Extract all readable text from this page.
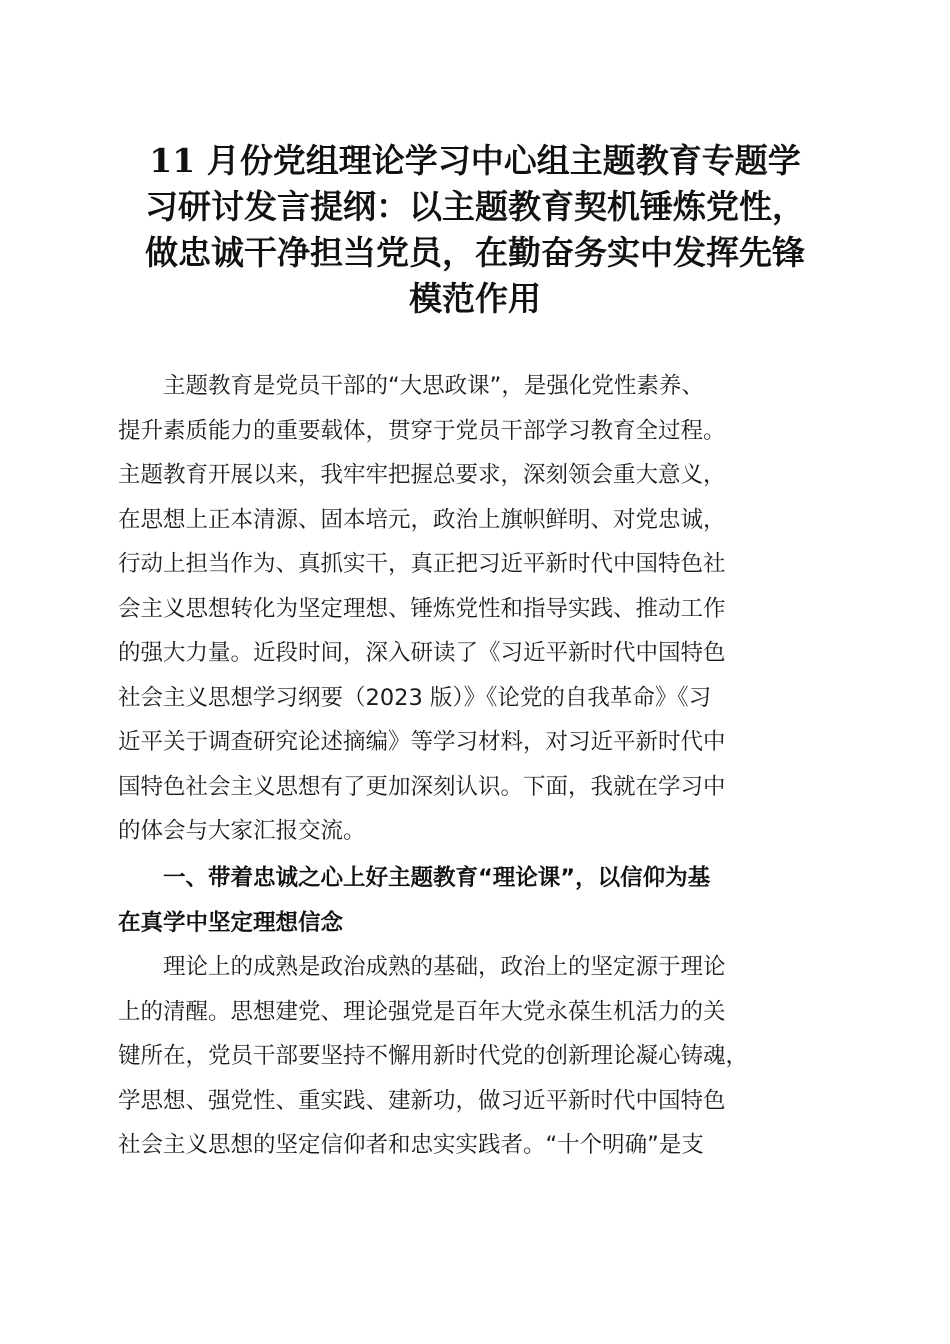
11 月份党组理论学习中心组主题教育专题学
习研讨发言提纲：以主题教育契机锤炼党性，
做忠诚干净担当党员，在勤奋务实中发挥先锋
模范作用
　　主题教育是党员干部的“大思政课”，是强化党性素养、
提升素质能力的重要载体，贯穿于党员干部学习教育全过程。
主题教育开展以来，我牢牢把握总要求，深刻领会重大意义，
在思想上正本清源、固本培元，政治上旗帜鲜明、对党忠诚，
行动上担当作为、真抓实干，真正把习近平新时代中国特色社
会主义思想转化为坚定理想、锤炼党性和指导实践、推动工作
的强大力量。近段时间，深入研读了《习近平新时代中国特色
社会主义思想学习纲要（2023 版）》《论党的自我革命》《习
近平关于调查研究论述摘编》等学习材料，对习近平新时代中
国特色社会主义思想有了更加深刻认识。下面，我就在学习中
的体会与大家汇报交流。
　　一、带着忠诚之心上好主题教育“理论课”，以信仰为基
在真学中坚定理想信念
　　理论上的成熟是政治成熟的基础，政治上的坚定源于理论
上的清醒。思想建党、理论强党是百年大党永葆生机活力的关
键所在，党员干部要坚持不懈用新时代党的创新理论凝心铸魂，
学思想、强党性、重实践、建新功，做习近平新时代中国特色
社会主义思想的坚定信仰者和忠实实践者。“十个明确”是支
